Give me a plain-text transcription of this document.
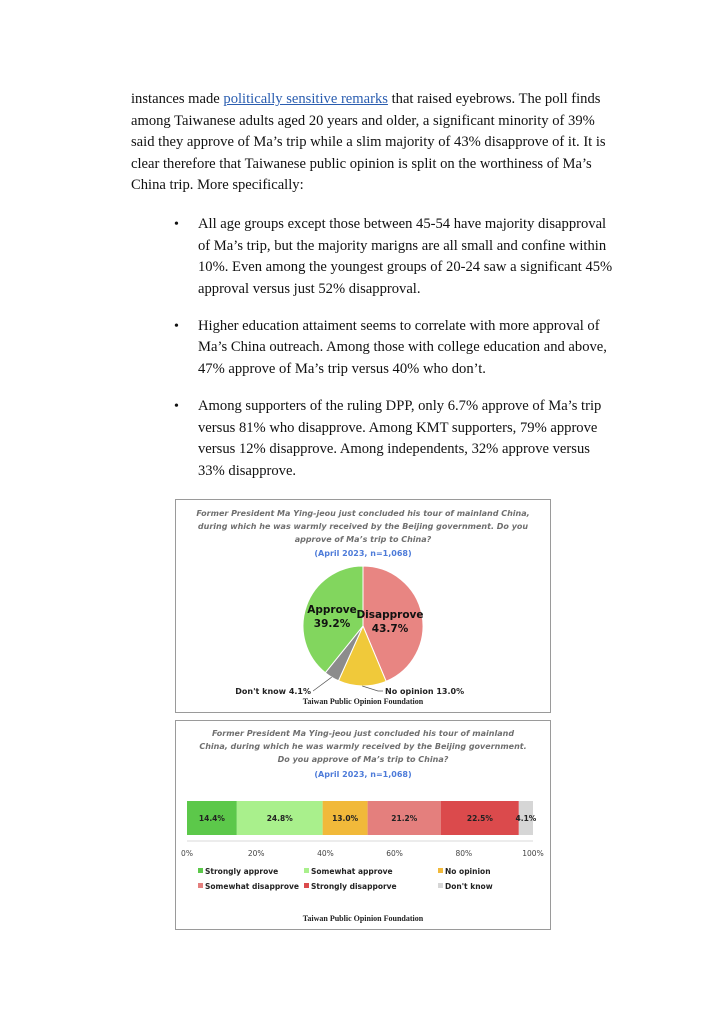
instances made politically sensitive remarks that raised eyebrows. The poll finds among Taiwanese adults aged 20 years and older, a significant minority of 39% said they approve of Ma’s trip while a slim majority of 43% disapprove of it. It is clear therefore that Taiwanese public opinion is split on the worthiness of Ma’s China trip. More specifically:

• All age groups except those between 45-54 have majority disapproval of Ma’s trip, but the majority marigns are all small and confine within 10%. Even among the youngest groups of 20-24 saw a significant 45% approval versus just 52% disapproval.
• Higher education attaiment seems to correlate with more approval of Ma’s China outreach. Among those with college education and above, 47% approve of Ma’s trip versus 40% who don’t.
• Among supporters of the ruling DPP, only 6.7% approve of Ma’s trip versus 81% who disapprove. Among KMT supporters, 79% approve versus 12% disapprove. Among independents, 32% approve versus 33% disapprove.
Former President Ma Ying-jeou just concluded his tour of mainland China,
during which he was warmly received by the Beijing government. Do you
approve of Ma’s trip to China?
(April 2023, n=1,068)
Disapprove
43.7%
Approve
39.2%
No opinion 13.0%
Don't know 4.1%
Taiwan Public Opinion Foundation
Former President Ma Ying-jeou just concluded his tour of mainland
China, during which he was warmly received by the Beijing government.
Do you approve of Ma’s trip to China?
(April 2023, n=1,068)
14.4%	24.8%	13.0%	21.2%	22.5%	4.1%
0%	20%	40%	60%	80%	100%
Strongly approve	Somewhat approve	No opinion
Somewhat disapprove Strongly disapporve	Don't know
Taiwan Public Opinion Foundation
